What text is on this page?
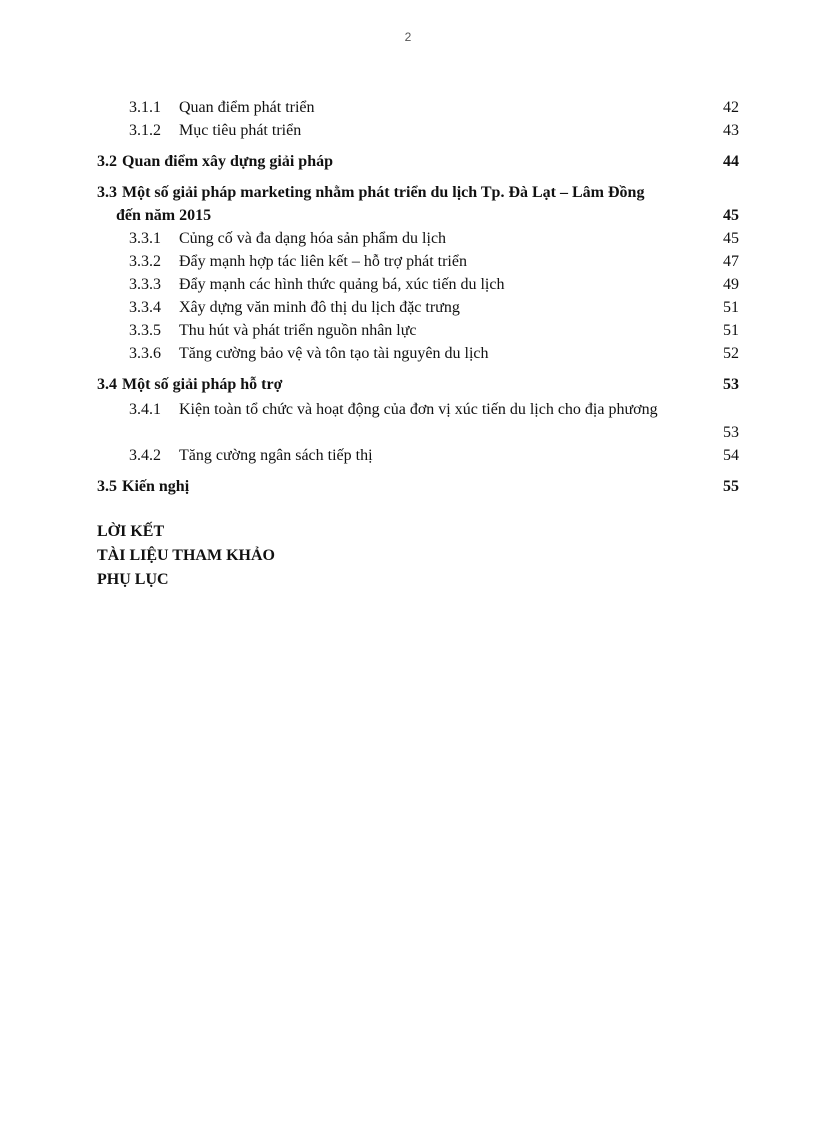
2
3.1.1	Quan điểm phát triển	42
3.1.2	Mục tiêu phát triển	43
3.2 Quan điểm xây dựng giải pháp	44
3.3 Một số giải pháp marketing nhằm phát triển du lịch Tp. Đà Lạt – Lâm Đồng
đến năm 2015	45
3.3.1	Củng cố và đa dạng hóa sản phẩm du lịch	45
3.3.2	Đẩy mạnh hợp tác liên kết – hỗ trợ phát triển	47
3.3.3	Đẩy mạnh các hình thức quảng bá, xúc tiến du lịch	49
3.3.4	Xây dựng văn minh đô thị du lịch đặc trưng	51
3.3.5	Thu hút và phát triển nguồn nhân lực	51
3.3.6	Tăng cường bảo vệ và tôn tạo tài nguyên du lịch	52
3.4 Một số giải pháp hỗ trợ	53
3.4.1	Kiện toàn tổ chức và hoạt động của đơn vị xúc tiến du lịch cho địa phương
53
3.4.2	Tăng cường ngân sách tiếp thị	54
3.5 Kiến nghị	55
LỜI KẾT
TÀI LIỆU THAM KHẢO
PHỤ LỤC
